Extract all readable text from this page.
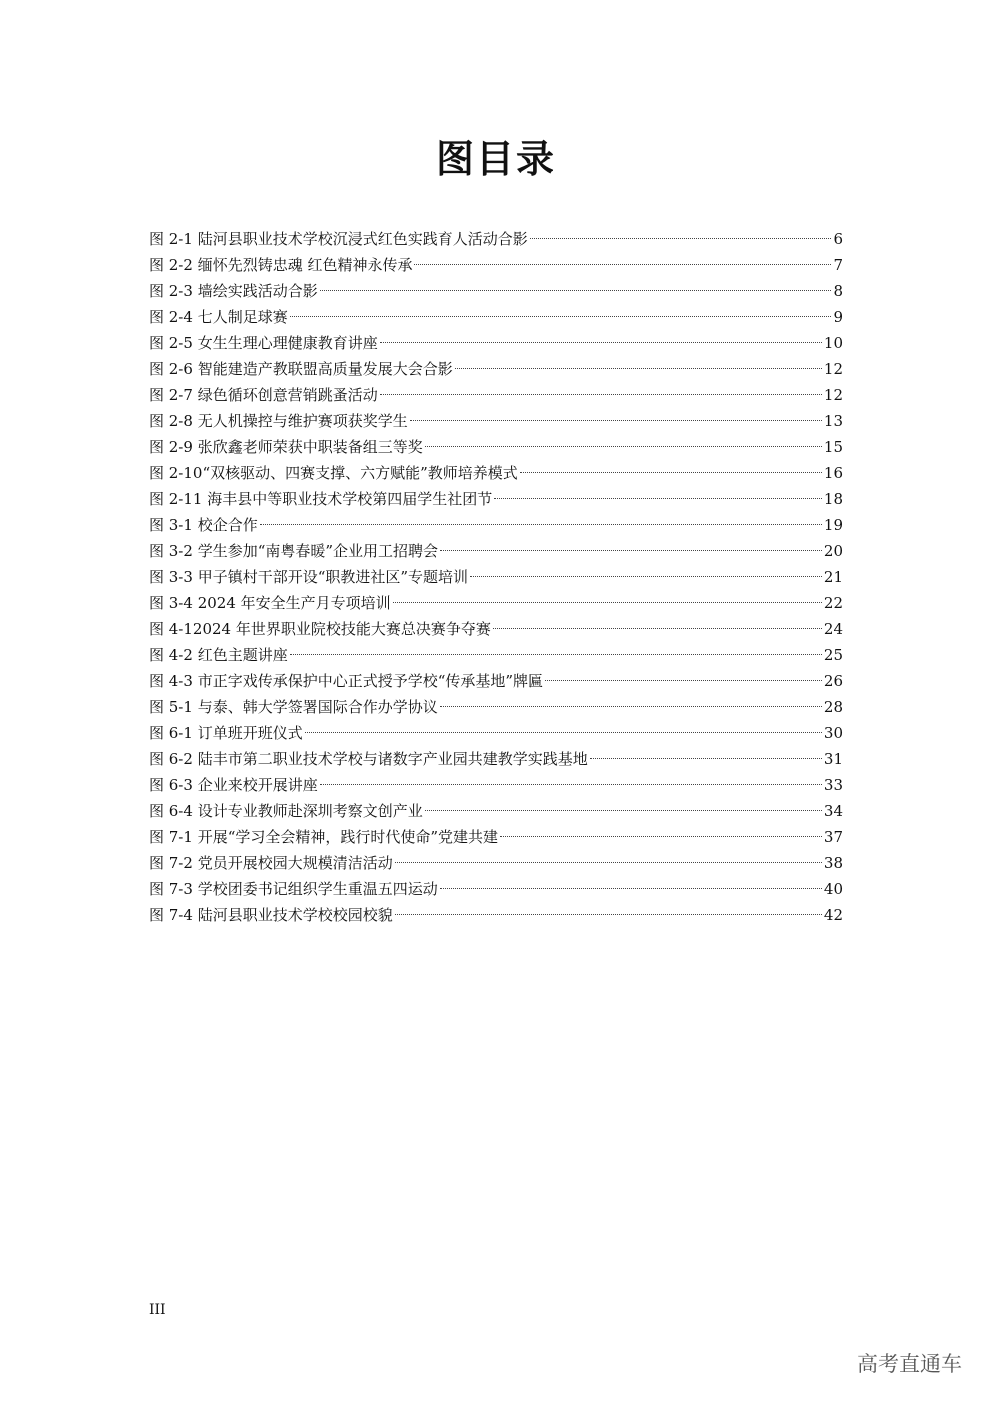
图目录
图 2-1 陆河县职业技术学校沉浸式红色实践育人活动合影	6
图 2-2 缅怀先烈铸忠魂 红色精神永传承	7
图 2-3 墙绘实践活动合影	8
图 2-4 七人制足球赛	9
图 2-5 女生生理心理健康教育讲座	10
图 2-6 智能建造产教联盟高质量发展大会合影	12
图 2-7 绿色循环创意营销跳蚤活动	12
图 2-8 无人机操控与维护赛项获奖学生	13
图 2-9 张欣鑫老师荣获中职装备组三等奖	15
图 2-10“双核驱动、四赛支撑、六方赋能”教师培养模式	16
图 2-11 海丰县中等职业技术学校第四届学生社团节	18
图 3-1 校企合作	19
图 3-2 学生参加“南粤春暖”企业用工招聘会	20
图 3-3 甲子镇村干部开设“职教进社区”专题培训	21
图 3-4 2024 年安全生产月专项培训	22
图 4-12024 年世界职业院校技能大赛总决赛争夺赛	24
图 4-2 红色主题讲座	25
图 4-3 市正字戏传承保护中心正式授予学校“传承基地”牌匾	26
图 5-1 与泰、韩大学签署国际合作办学协议	28
图 6-1 订单班开班仪式	30
图 6-2 陆丰市第二职业技术学校与诸数字产业园共建教学实践基地	31
图 6-3 企业来校开展讲座	33
图 6-4 设计专业教师赴深圳考察文创产业	34
图 7-1 开展“学习全会精神，践行时代使命”党建共建	37
图 7-2 党员开展校园大规模清洁活动	38
图 7-3 学校团委书记组织学生重温五四运动	40
图 7-4 陆河县职业技术学校校园校貌	42
III
高考直通车
